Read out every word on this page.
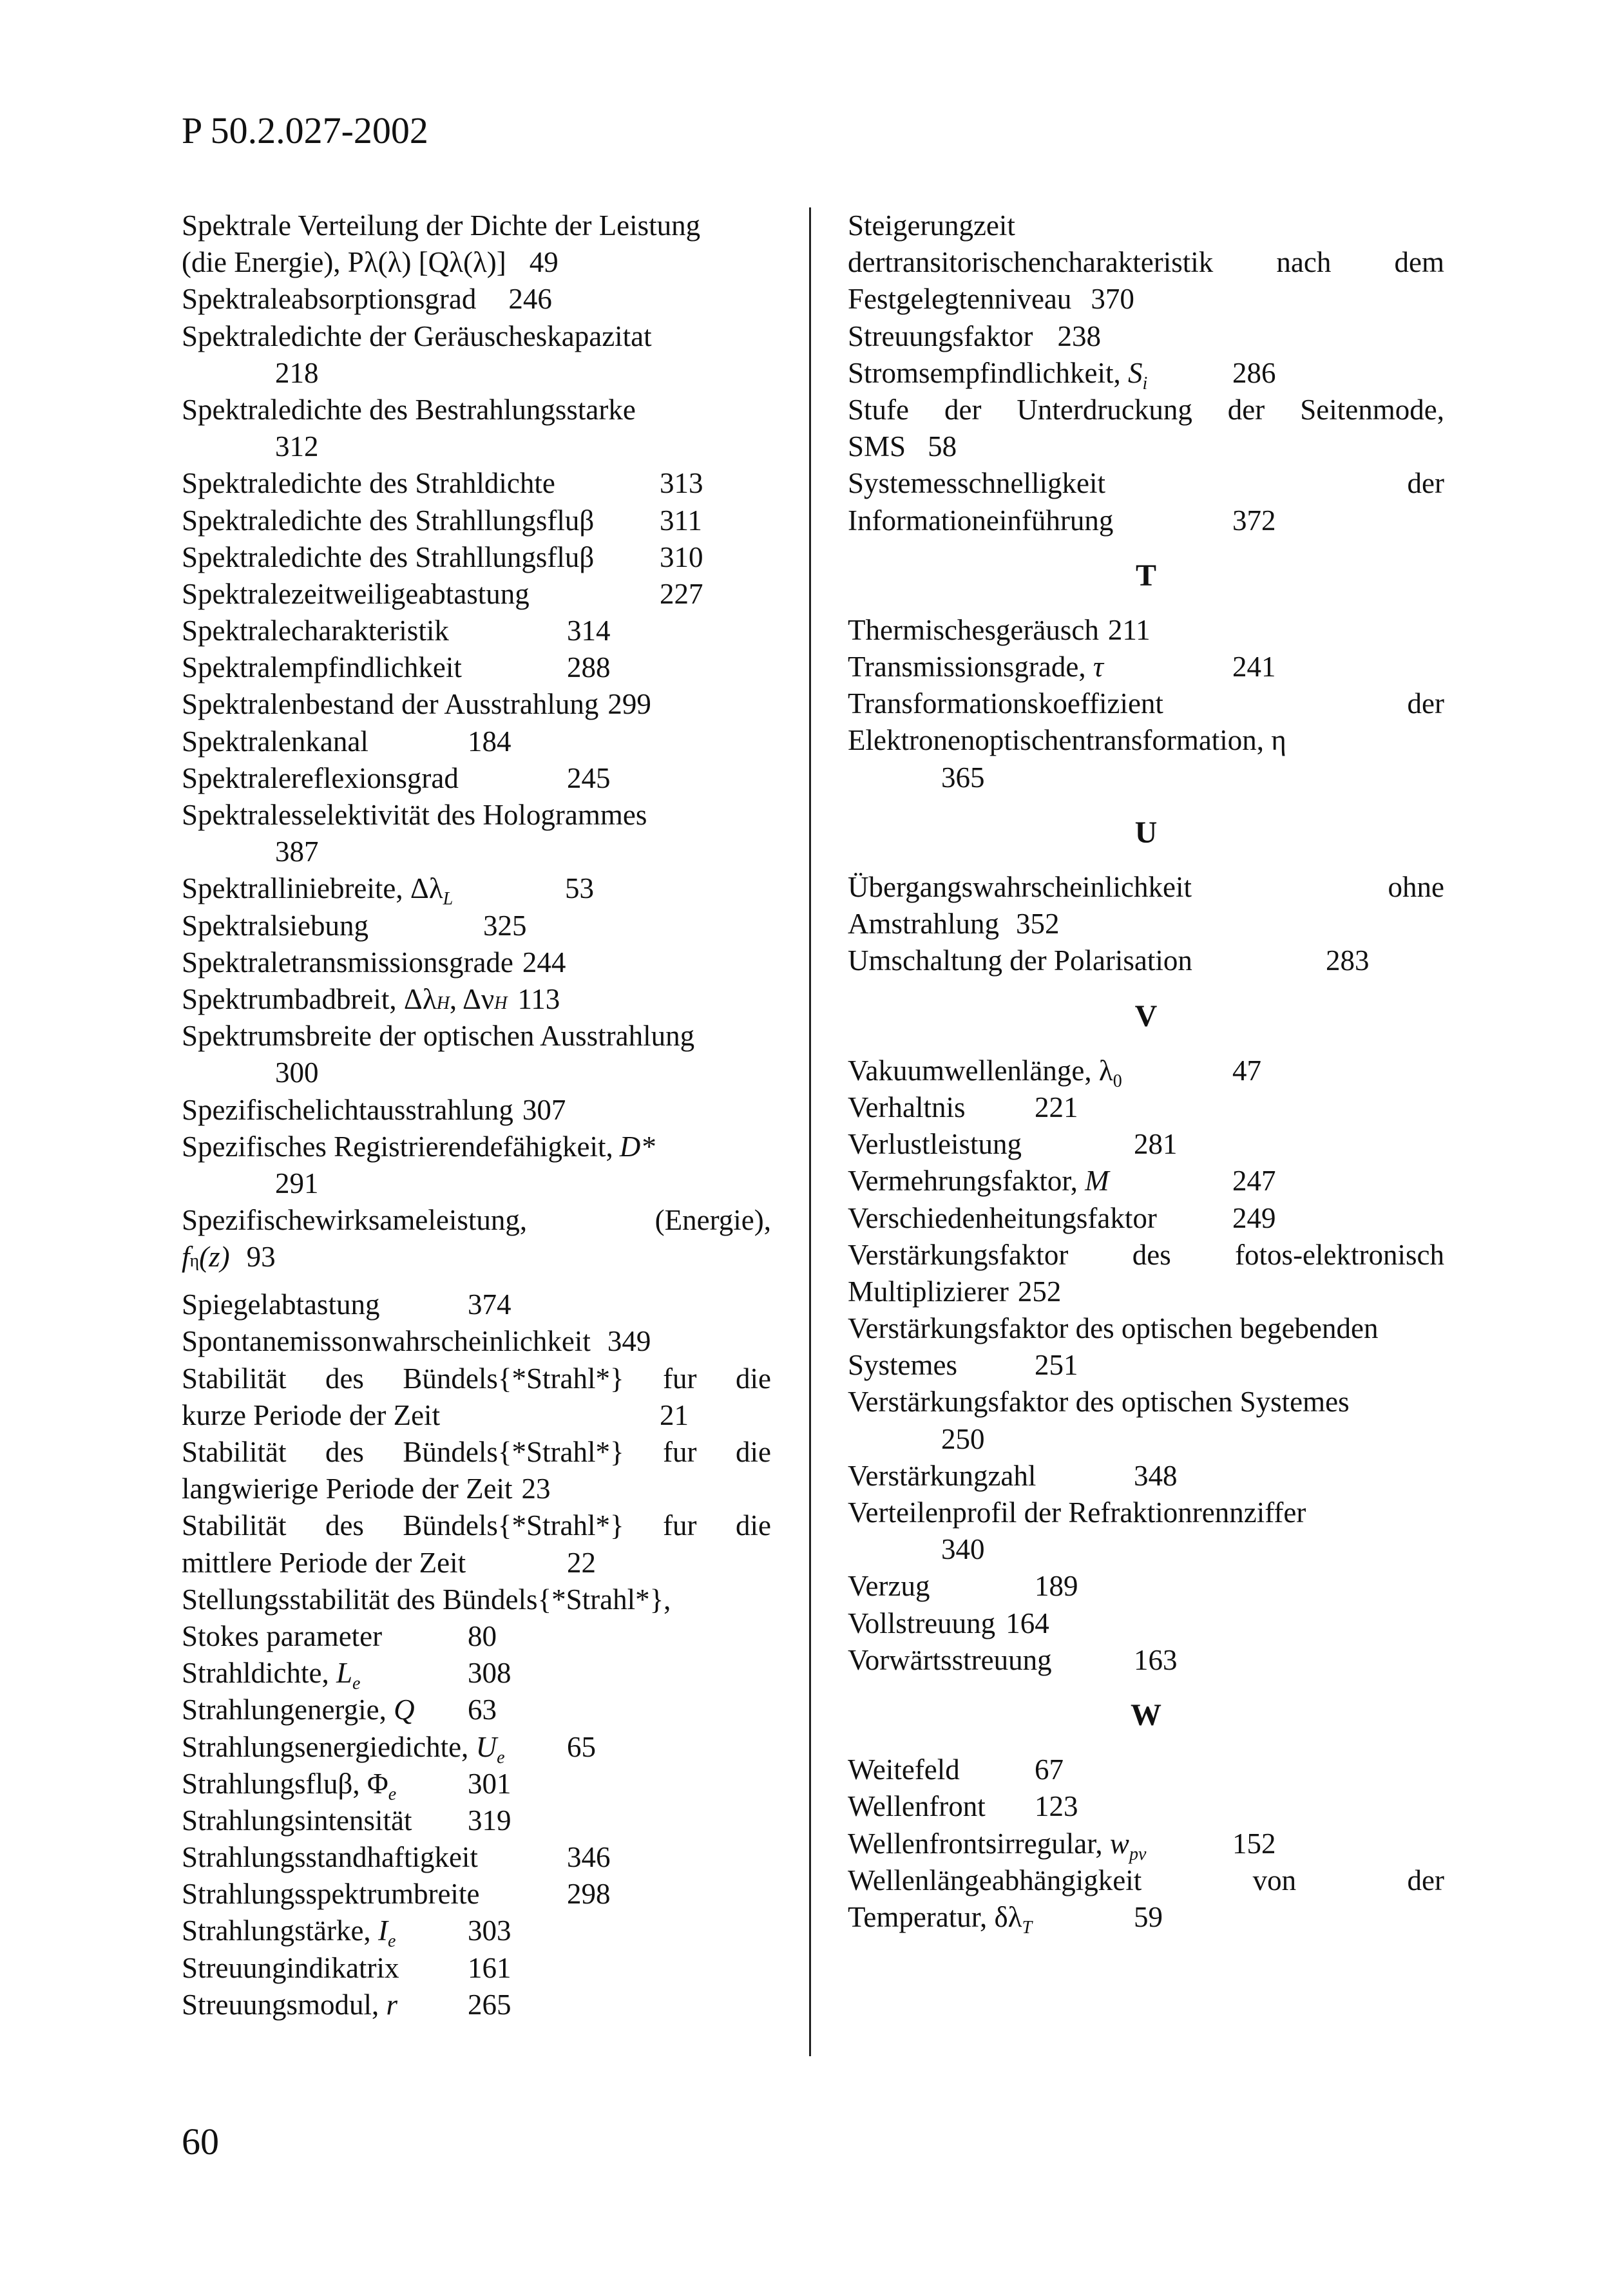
P 50.2.027-2002
Spektrale Verteilung der Dichte der Leistung
(die Energie), Pλ(λ) [Qλ(λ)] 49
Spektraleabsorptionsgrad 246
Spektraledichte der Geräuscheskapazitat
218
Spektraledichte des Bestrahlungsstarke
312
Spektraledichte des Strahldichte	313
Spektraledichte des Strahllungsfluβ	311
Spektraledichte des Strahllungsfluβ	310
Spektralezeitweiligeabtastung	227
Spektralecharakteristik	314
Spektralempfindlichkeit	288
Spektralenbestand der Ausstrahlung 299
Spektralenkanal	184
Spektralereflexionsgrad	245
Spektralesselektivität des Hologrammes
387
Spektralliniebreite, $\Delta\lambda_L$	53
Spektralsiebung	325
Spektraletransmissionsgrade 244
Spektrumbadbreit, Δλ H , Δν H 113
Spektrumsbreite der optischen Ausstrahlung
300
Spezifischelichtausstrahlung 307
Spezifisches Registrierendefähigkeit, D*
291
Spezifischewirksameleistung,	(Energie),
f η (z) 93
Spiegelabtastung	374
Spontanemissonwahrscheinlichkeit 349
Stabilität des Bündels{*Strahl*} fur die
kurze Periode der Zeit	21
Stabilität des Bündels{*Strahl*} fur die
langwierige Periode der Zeit 23
Stabilität des Bündels{*Strahl*} fur die
mittlere Periode der Zeit	22
Stellungsstabilität des Bündels{*Strahl*},
Stokes parameter	80
Strahldichte, $L_e$	308
Strahlungenergie, Q	63
Strahlungsenergiedichte, $U_e$	65
Strahlungsfluβ, $\Phi_e$	301
Strahlungsintensität	319
Strahlungsstandhaftigkeit	346
Strahlungsspektrumbreite	298
Strahlungstärke, $I_e$	303
Streuungindikatrix	161
Streuungsmodul, r	265
Steigerungzeit
dertransitorischencharakteristik nach dem
Festgelegtenniveau 370
Streuungsfaktor 238
Stromsempfindlichkeit, $S_i$	286
Stufe der Unterdruckung der Seitenmode,
SMS 58
Systemesschnelligkeit	der
Informationeinführung	372
T
Thermischesgeräusch 211
Transmissionsgrade, τ	241
Transformationskoeffizient	der
Elektronenoptischentransformation, η
365
U
Übergangswahrscheinlichkeit	ohne
Amstrahlung 352
Umschaltung der Polarisation	283
V
Vakuumwellenlänge, $\lambda_0$	47
Verhaltnis	221
Verlustleistung	281
Vermehrungsfaktor, M	247
Verschiedenheitungsfaktor	249
Verstärkungsfaktor des fotos-elektronisch
Multiplizierer 252
Verstärkungsfaktor des optischen begebenden
Systemes	251
Verstärkungsfaktor des optischen Systemes
250
Verstärkungzahl	348
Verteilenprofil der Refraktionrennziffer
340
Verzug	189
Vollstreuung 164
Vorwärtsstreuung	163
W
Weitefeld	67
Wellenfront	123
Wellenfrontsirregular, $w_{pv}$	152
Wellenlängeabhängigkeit	von	der
Temperatur, $\delta\lambda_T$	59
60
